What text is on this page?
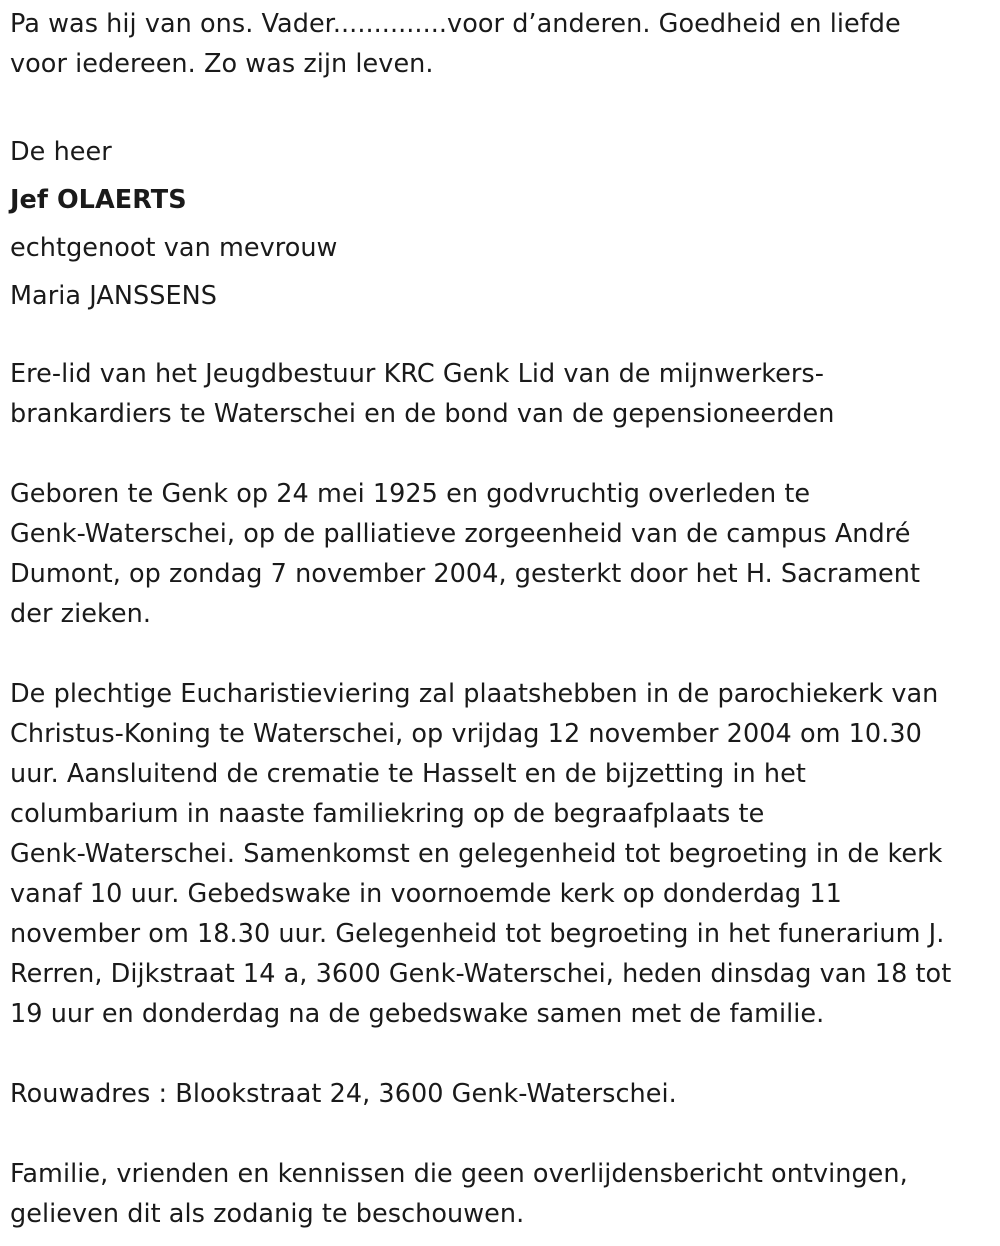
Pa was hij van ons. Vader..............voor d’anderen. Goedheid en liefde
voor iedereen. Zo was zijn leven.

De heer

Jef OLAERTS

echtgenoot van mevrouw

Maria JANSSENS

Ere-lid van het Jeugdbestuur KRC Genk Lid van de mijnwerkers-
brankardiers te Waterschei en de bond van de gepensioneerden

Geboren te Genk op 24 mei 1925 en godvruchtig overleden te
Genk-Waterschei, op de palliatieve zorgeenheid van de campus André
Dumont, op zondag 7 november 2004, gesterkt door het H. Sacrament
der zieken.

De plechtige Eucharistieviering zal plaatshebben in de parochiekerk van
Christus-Koning te Waterschei, op vrijdag 12 november 2004 om 10.30
uur. Aansluitend de crematie te Hasselt en de bijzetting in het
columbarium in naaste familiekring op de begraafplaats te
Genk-Waterschei. Samenkomst en gelegenheid tot begroeting in de kerk
vanaf 10 uur. Gebedswake in voornoemde kerk op donderdag 11
november om 18.30 uur. Gelegenheid tot begroeting in het funerarium J.
Rerren, Dijkstraat 14 a, 3600 Genk-Waterschei, heden dinsdag van 18 tot
19 uur en donderdag na de gebedswake samen met de familie.

Rouwadres : Blookstraat 24, 3600 Genk-Waterschei.

Familie, vrienden en kennissen die geen overlijdensbericht ontvingen,
gelieven dit als zodanig te beschouwen.
